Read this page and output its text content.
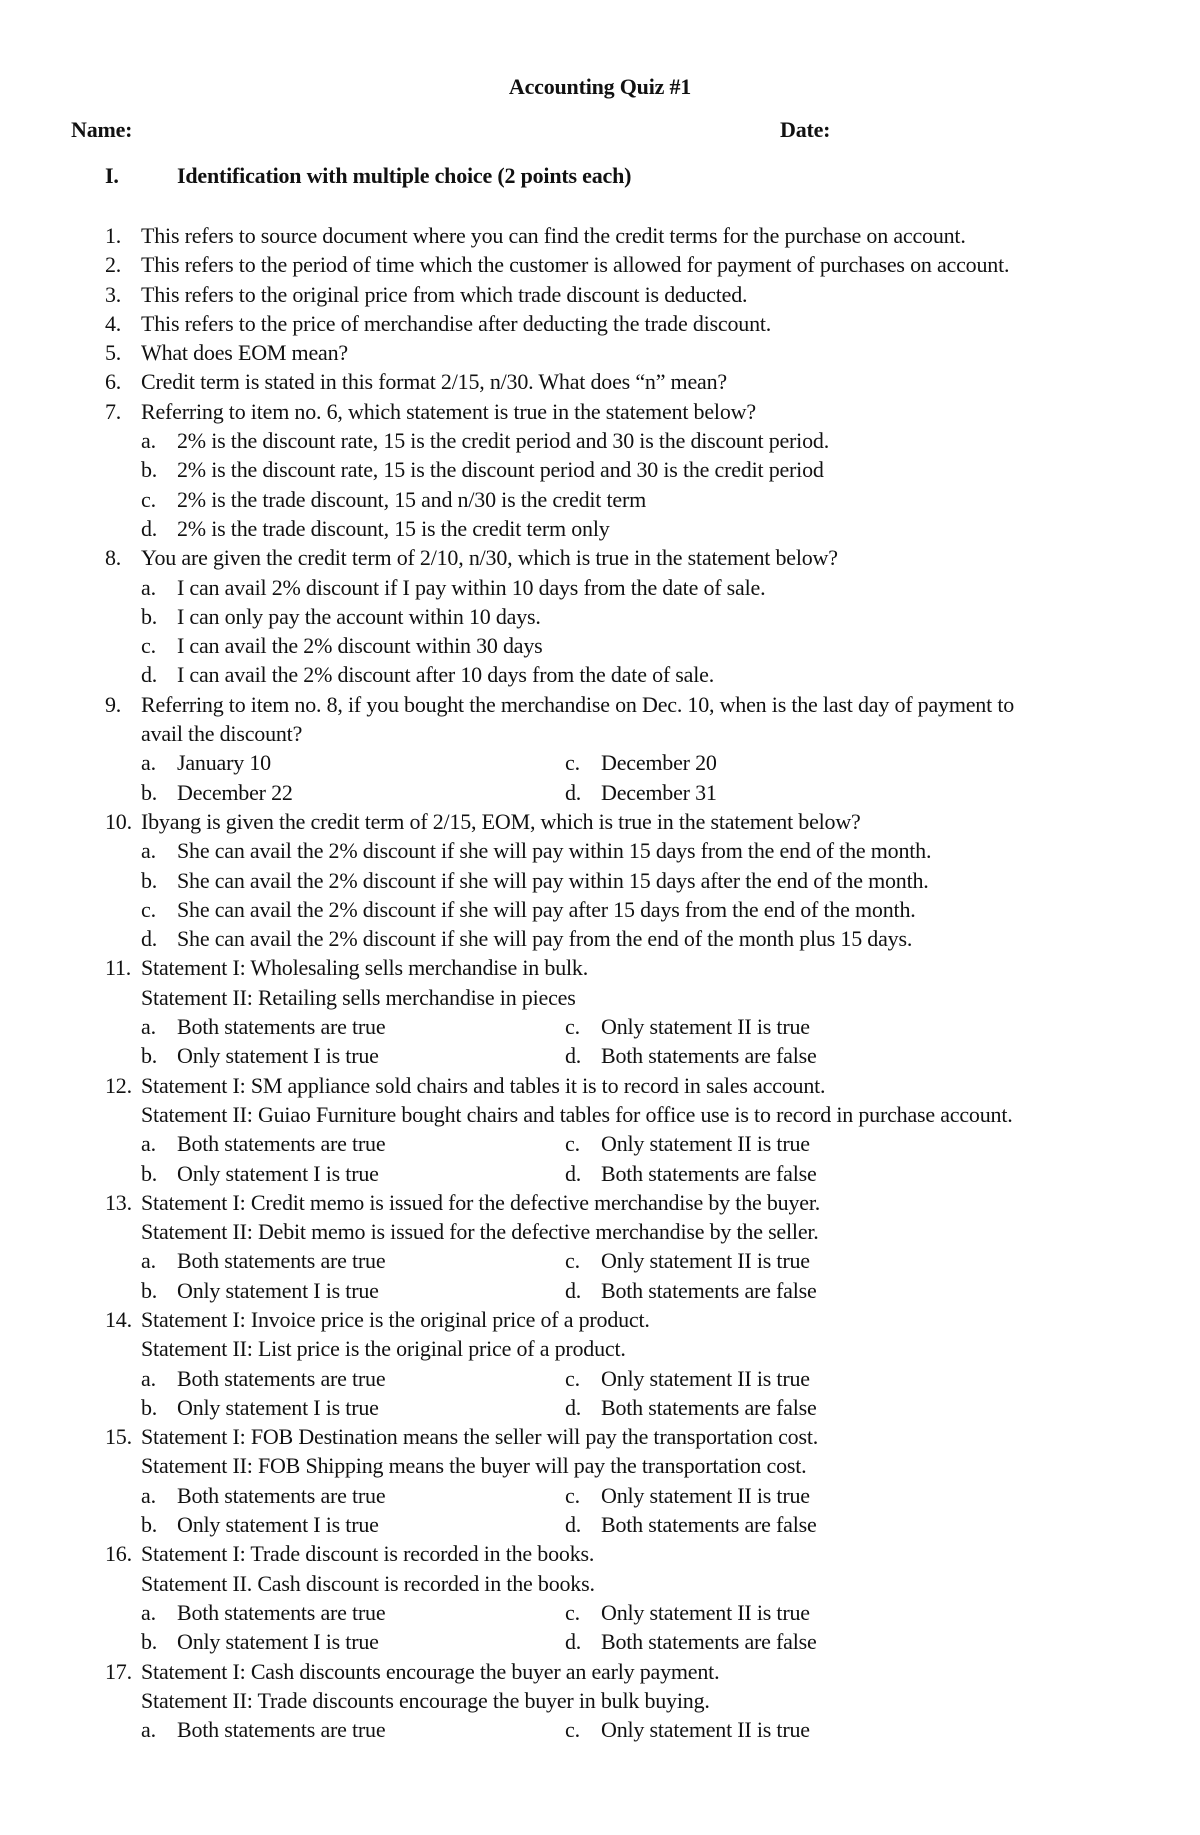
Accounting Quiz #1
Name:	Date:
I.	Identification with multiple choice (2 points each)
1. This refers to source document where you can find the credit terms for the purchase on account.
2. This refers to the period of time which the customer is allowed for payment of purchases on account.
3. This refers to the original price from which trade discount is deducted.
4. This refers to the price of merchandise after deducting the trade discount.
5. What does EOM mean?
6. Credit term is stated in this format 2/15, n/30. What does “n” mean?
7. Referring to item no. 6, which statement is true in the statement below?
a. 2% is the discount rate, 15 is the credit period and 30 is the discount period.
b. 2% is the discount rate, 15 is the discount period and 30 is the credit period
c. 2% is the trade discount, 15 and n/30 is the credit term
d. 2% is the trade discount, 15 is the credit term only
8. You are given the credit term of 2/10, n/30, which is true in the statement below?
a. I can avail 2% discount if I pay within 10 days from the date of sale.
b. I can only pay the account within 10 days.
c. I can avail the 2% discount within 30 days
d. I can avail the 2% discount after 10 days from the date of sale.
9. Referring to item no. 8, if you bought the merchandise on Dec. 10, when is the last day of payment to
avail the discount?
a. January 10	c. December 20
b. December 22	d. December 31
10. Ibyang is given the credit term of 2/15, EOM, which is true in the statement below?
a. She can avail the 2% discount if she will pay within 15 days from the end of the month.
b. She can avail the 2% discount if she will pay within 15 days after the end of the month.
c. She can avail the 2% discount if she will pay after 15 days from the end of the month.
d. She can avail the 2% discount if she will pay from the end of the month plus 15 days.
11. Statement I: Wholesaling sells merchandise in bulk.
Statement II: Retailing sells merchandise in pieces
a. Both statements are true	c. Only statement II is true
b. Only statement I is true	d. Both statements are false
12. Statement I: SM appliance sold chairs and tables it is to record in sales account.
Statement II: Guiao Furniture bought chairs and tables for office use is to record in purchase account.
a. Both statements are true	c. Only statement II is true
b. Only statement I is true	d. Both statements are false
13. Statement I: Credit memo is issued for the defective merchandise by the buyer.
Statement II: Debit memo is issued for the defective merchandise by the seller.
a. Both statements are true	c. Only statement II is true
b. Only statement I is true	d. Both statements are false
14. Statement I: Invoice price is the original price of a product.
Statement II: List price is the original price of a product.
a. Both statements are true	c. Only statement II is true
b. Only statement I is true	d. Both statements are false
15. Statement I: FOB Destination means the seller will pay the transportation cost.
Statement II: FOB Shipping means the buyer will pay the transportation cost.
a. Both statements are true	c. Only statement II is true
b. Only statement I is true	d. Both statements are false
16. Statement I: Trade discount is recorded in the books.
Statement II. Cash discount is recorded in the books.
a. Both statements are true	c. Only statement II is true
b. Only statement I is true	d. Both statements are false
17. Statement I: Cash discounts encourage the buyer an early payment.
Statement II: Trade discounts encourage the buyer in bulk buying.
a. Both statements are true	c. Only statement II is true
